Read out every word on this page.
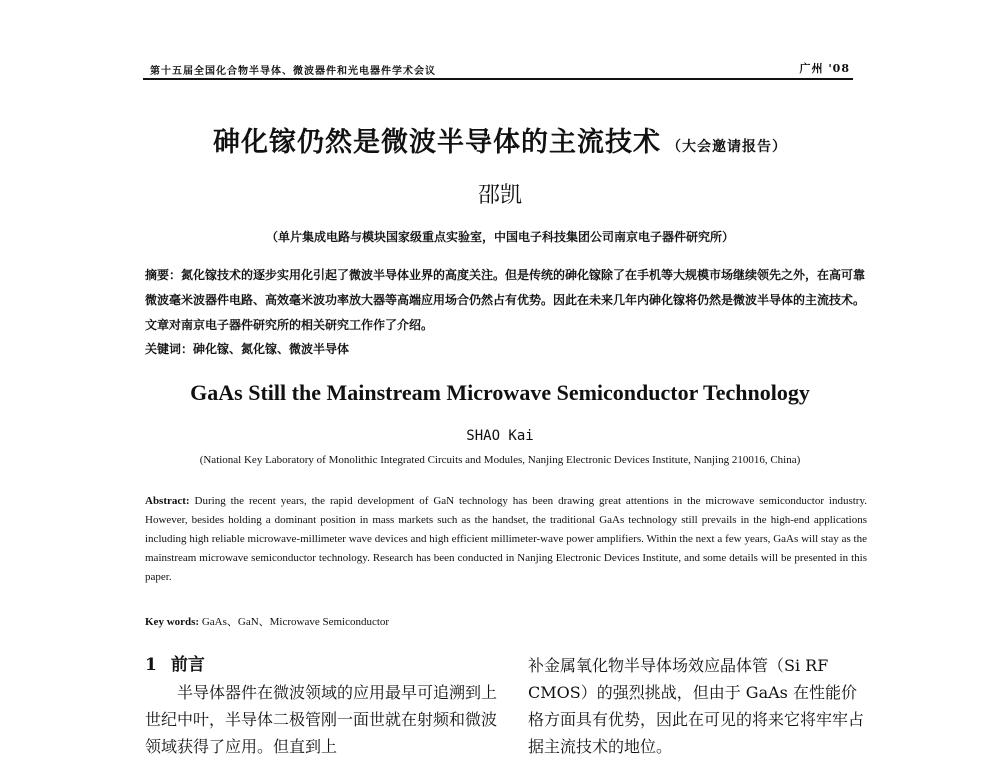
第十五届全国化合物半导体、微波器件和光电器件学术会议	广州 '08
砷化镓仍然是微波半导体的主流技术 （大会邀请报告）
邵凯
（单片集成电路与模块国家级重点实验室，中国电子科技集团公司南京电子器件研究所）
摘要：氮化镓技术的逐步实用化引起了微波半导体业界的高度关注。但是传统的砷化镓除了在手机等大规模市场继续领先之外，在高可靠微波毫米波器件电路、高效毫米波功率放大器等高端应用场合仍然占有优势。因此在未来几年内砷化镓将仍然是微波半导体的主流技术。文章对南京电子器件研究所的相关研究工作作了介绍。
关键词：砷化镓、氮化镓、微波半导体
GaAs Still the Mainstream Microwave Semiconductor Technology
SHAO Kai
(National Key Laboratory of Monolithic Integrated Circuits and Modules, Nanjing Electronic Devices Institute, Nanjing 210016, China)
Abstract: During the recent years, the rapid development of GaN technology has been drawing great attentions in the microwave semiconductor industry. However, besides holding a dominant position in mass markets such as the handset, the traditional GaAs technology still prevails in the high-end applications including high reliable microwave-millimeter wave devices and high efficient millimeter-wave power amplifiers. Within the next a few years, GaAs will stay as the mainstream microwave semiconductor technology. Research has been conducted in Nanjing Electronic Devices Institute, and some details will be presented in this paper.
Key words: GaAs、GaN、Microwave Semiconductor
1 前言

半导体器件在微波领域的应用最早可追溯到上世纪中叶，半导体二极管刚一面世就在射频和微波领域获得了应用。但直到上

补金属氧化物半导体场效应晶体管（Si RF CMOS）的强烈挑战，但由于 GaAs 在性能价格方面具有优势，因此在可见的将来它将牢牢占据主流技术的地位。
